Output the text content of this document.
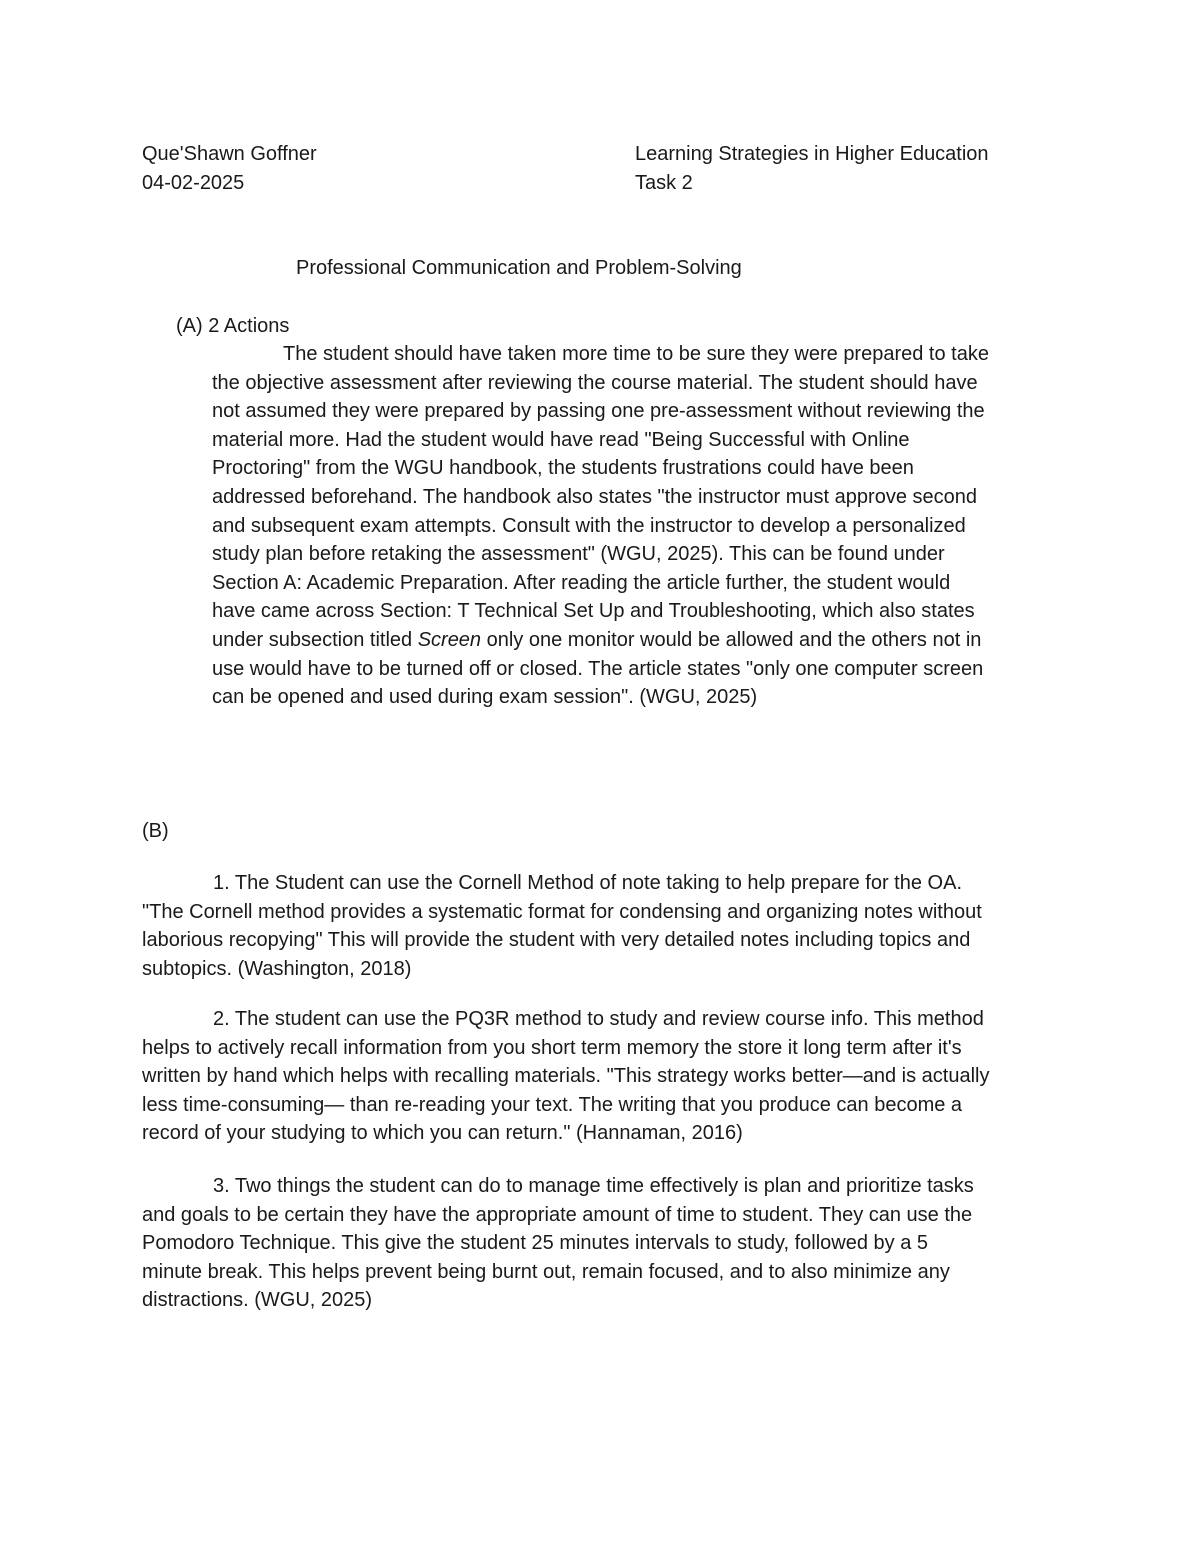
Que'Shawn Goffner
04-02-2025
Learning Strategies in Higher Education
Task 2
Professional Communication and Problem-Solving
(A) 2 Actions
The student should have taken more time to be sure they were prepared to take
the objective assessment after reviewing the course material. The student should have
not assumed they were prepared by passing one pre-assessment without reviewing the
material more. Had the student would have read "Being Successful with Online
Proctoring" from the WGU handbook, the students frustrations could have been
addressed beforehand. The handbook also states "the instructor must approve second
and subsequent exam attempts. Consult with the instructor to develop a personalized
study plan before retaking the assessment" (WGU, 2025). This can be found under
Section A: Academic Preparation. After reading the article further, the student would
have came across Section: T Technical Set Up and Troubleshooting, which also states
under subsection titled Screen only one monitor would be allowed and the others not in
use would have to be turned off or closed. The article states "only one computer screen
can be opened and used during exam session". (WGU, 2025)
(B)
1. The Student can use the Cornell Method of note taking to help prepare for the OA.
"The Cornell method provides a systematic format for condensing and organizing notes without
laborious recopying" This will provide the student with very detailed notes including topics and
subtopics. (Washington, 2018)
2. The student can use the PQ3R method to study and review course info. This method
helps to actively recall information from you short term memory the store it long term after it's
written by hand which helps with recalling materials. "This strategy works better—and is actually
less time-consuming— than re-reading your text. The writing that you produce can become a
record of your studying to which you can return." (Hannaman, 2016)
3. Two things the student can do to manage time effectively is plan and prioritize tasks
and goals to be certain they have the appropriate amount of time to student. They can use the
Pomodoro Technique. This give the student 25 minutes intervals to study, followed by a 5
minute break. This helps prevent being burnt out, remain focused, and to also minimize any
distractions. (WGU, 2025)
